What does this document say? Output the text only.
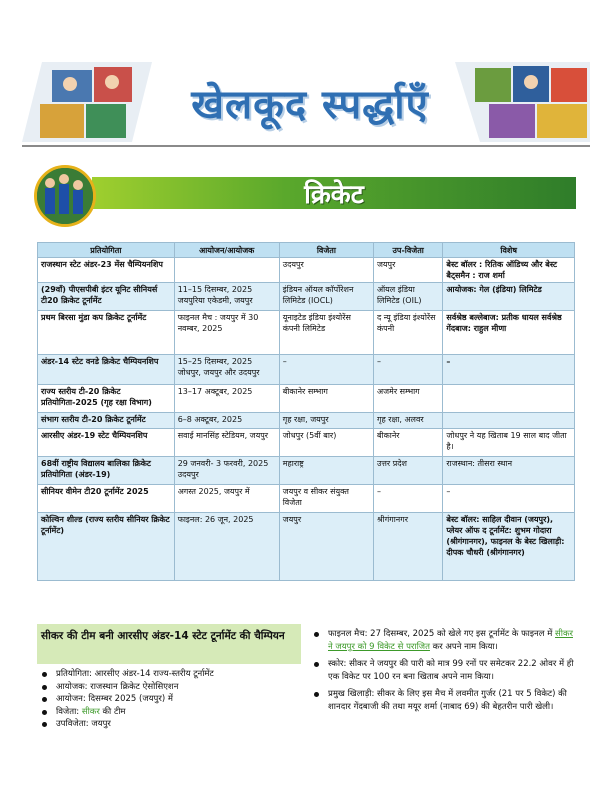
खेलकूद स्पर्द्धाएँ
क्रिकेट
प्रतियोगिता	आयोजन/आयोजक	विजेता	उप-विजेता	विशेष
राजस्थान स्टेट अंडर-23 मेंस चैम्पियनशिप		उदयपुर	जयपुर	बेस्ट बॉलर : रितिक ऑडिच्य और बेस्ट बैट्समैन : राज शर्मा
(29वाँ) पीएसपीबी इंटर यूनिट सीनियर्स टी20 क्रिकेट टूर्नामेंट	11–15 दिसम्बर, 2025 जयपुरिया एकेडमी, जयपुर	इंडियन ऑयल कॉर्पोरेशन लिमिटेड (IOCL)	ऑयल इंडिया लिमिटेड (OIL)	आयोजक: गेल (इंडिया) लिमिटेड
प्रथम बिरसा मुंडा कप क्रिकेट टूर्नामेंट	फाइनल मैच : जयपुर में 30 नवम्बर, 2025	यूनाइटेड इंडिया इंश्योरेंस कंपनी लिमिटेड	द न्यू इंडिया इंश्योरेंस कंपनी	सर्वश्रेष्ठ बल्लेबाज: प्रतीक धायल सर्वश्रेष्ठ गेंदबाज: राहुल मीणा
अंडर-14 स्टेट वनडे क्रिकेट चैम्पियनशिप	15–25 दिसम्बर, 2025 जोधपुर, जयपुर और उदयपुर	–	–	–
राज्य स्तरीय टी-20 क्रिकेट प्रतियोगिता-2025 (गृह रक्षा विभाग)	13–17 अक्टूबर, 2025	बीकानेर सम्भाग	अजमेर सम्भाग	
संभाग स्तरीय टी-20 क्रिकेट टूर्नामेंट	6–8 अक्टूबर, 2025	गृह रक्षा, जयपुर	गृह रक्षा, अलवर	
आरसीए अंडर-19 स्टेट चैम्पियनशिप	सवाई मानसिंह स्टेडियम, जयपुर	जोधपुर (5वीं बार)	बीकानेर	जोधपुर ने यह खिताब 19 साल बाद जीता है।
68वीं राष्ट्रीय विद्यालय बालिका क्रिकेट प्रतियोगिता (अंडर-19)	29 जनवरी- 3 फरवरी, 2025 उदयपुर	महाराष्ट्र	उत्तर प्रदेश	राजस्थान: तीसरा स्थान
सीनियर वीमेन टी20 टूर्नामेंट 2025	अगस्त 2025, जयपुर में	जयपुर व सीकर संयुक्त विजेता	–	–
कोल्विन शील्ड (राज्य स्तरीय सीनियर क्रिकेट टूर्नामेंट)	फाइनल: 26 जून, 2025	जयपुर	श्रीगंगानगर	बेस्ट बॉलर: साहिल दीवान (जयपुर), प्लेयर ऑफ द टूर्नामेंट: शुभम गोदारा (श्रीगंगानगर), फाइनल के बेस्ट खिलाड़ी: दीपक चौधरी (श्रीगंगानगर)
सीकर की टीम बनी आरसीए अंडर-14 स्टेट टूर्नामेंट की चैम्पियन
प्रतियोगिता: आरसीए अंडर-14 राज्य-स्तरीय टूर्नामेंट
आयोजक: राजस्थान क्रिकेट ऐसोसिएशन
आयोजन: दिसम्बर 2025 (जयपुर) में
विजेता: सीकर की टीम
उपविजेता: जयपुर
फाइनल मैच: 27 दिसम्बर, 2025 को खेले गए इस टूर्नामेंट के फाइनल में सीकर ने जयपुर को 9 विकेट से पराजित कर अपने नाम किया।
स्कोर: सीकर ने जयपुर की पारी को मात्र 99 रनों पर समेटकर 22.2 ओवर में ही एक विकेट पर 100 रन बना खिताब अपने नाम किया।
प्रमुख खिलाड़ी: सीकर के लिए इस मैच में लवमीत गुर्जर (21 पर 5 विकेट) की शानदार गेंदबाजी की तथा मयूर शर्मा (नाबाद 69) की बेहतरीन पारी खेली।
